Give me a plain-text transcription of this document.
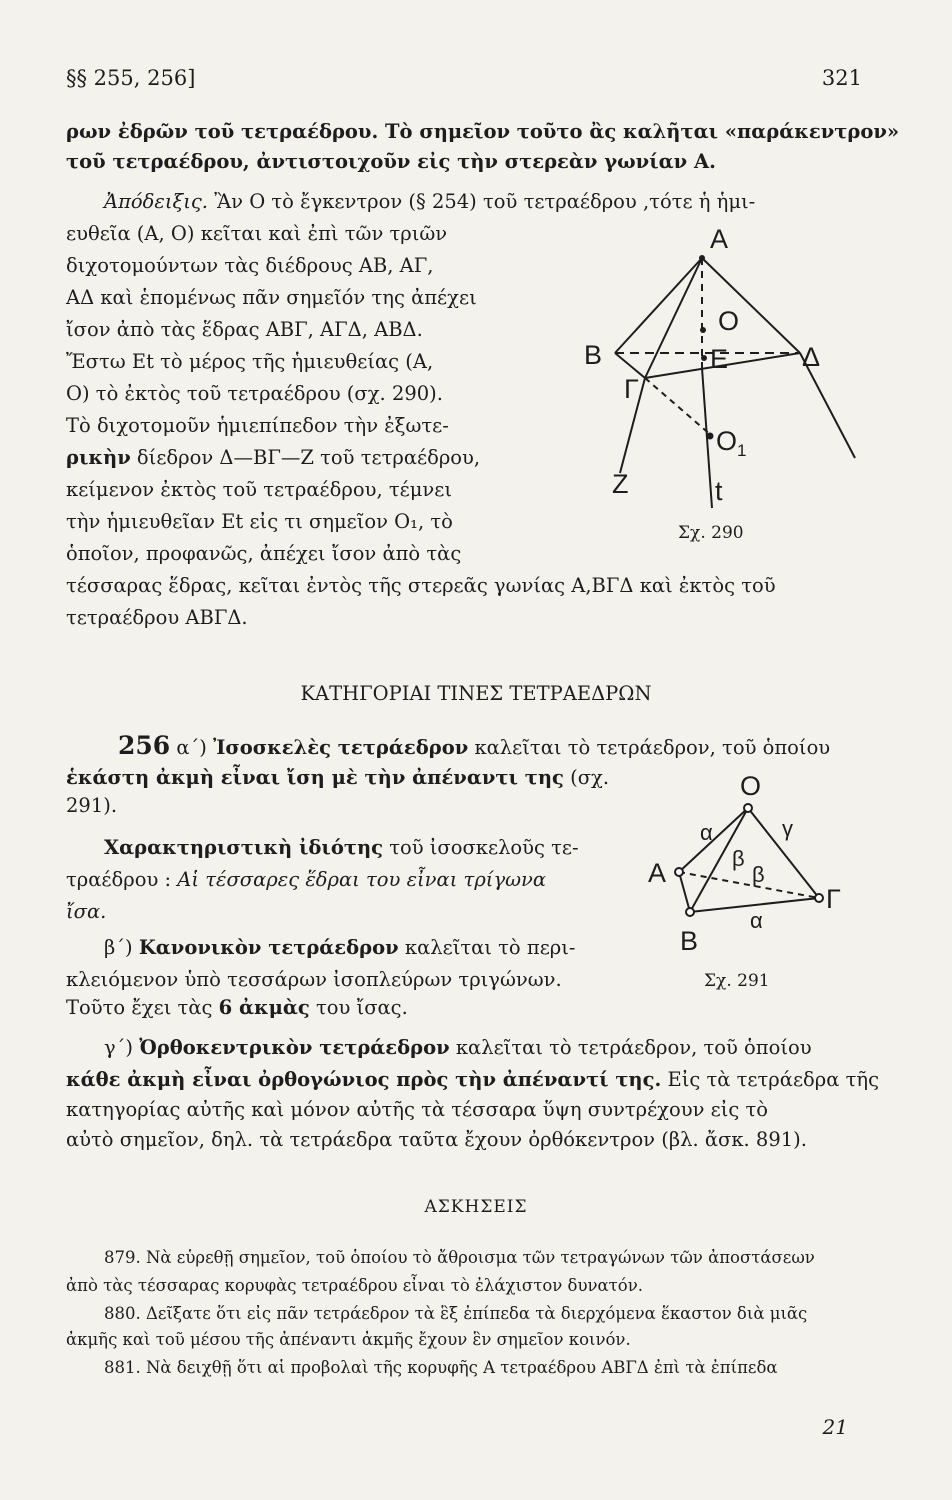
§§ 255, 256]	321
ρων ἐδρῶν τοῦ τετραέδρου. Τὸ σημεῖον τοῦτο ἂς καλῆται «παράκεντρον»
τοῦ τετραέδρου, ἀντιστοιχοῦν εἰς τὴν στερεὰν γωνίαν Α.
Ἀπόδειξις. Ἂν Ο τὸ ἔγκεντρον (§ 254) τοῦ τετραέδρου ,τότε ἡ ἡμι-
ευθεῖα (Α, Ο) κεῖται καὶ ἐπὶ τῶν τριῶν
διχοτομούντων τὰς διέδρους ΑΒ, ΑΓ,
ΑΔ καὶ ἑπομένως πᾶν σημεῖόν της ἀπέχει
ἴσον ἀπὸ τὰς ἕδρας ΑΒΓ, ΑΓΔ, ΑΒΔ.
Ἔστω Εt τὸ μέρος τῆς ἡμιευθείας (Α,
Ο) τὸ ἐκτὸς τοῦ τετραέδρου (σχ. 290).
Τὸ διχοτομοῦν ἡμιεπίπεδον τὴν ἐξωτε-
ρικὴν δίεδρον Δ—ΒΓ—Ζ τοῦ τετραέδρου,
κείμενον ἐκτὸς τοῦ τετραέδρου, τέμνει
τὴν ἡμιευθεῖαν Εt εἰς τι σημεῖον Ο₁, τὸ
ὁποῖον, προφανῶς, ἀπέχει ἴσον ἀπὸ τὰς
τέσσαρας ἕδρας, κεῖται ἐντὸς τῆς στερεᾶς γωνίας Α,ΒΓΔ καὶ ἐκτὸς τοῦ
τετραέδρου ΑΒΓΔ.
A
O
B	E	Δ
Γ
O 1
Z	t
Σχ. 290
ΚΑΤΗΓΟΡΙΑΙ ΤΙΝΕΣ ΤΕΤΡΑΕΔΡΩΝ
256 α΄) Ἰσοσκελὲς τετράεδρον καλεῖται τὸ τετράεδρον, τοῦ ὁποίου
ἑκάστη ἀκμὴ εἶναι ἴση μὲ τὴν ἀπέναντι της (σχ.
291).
Χαρακτηριστικὴ ἰδιότης τοῦ ἰσοσκελοῦς τε-
τραέδρου : Αἱ τέσσαρες ἕδραι του εἶναι τρίγωνα
ἴσα.
β΄) Κανονικὸν τετράεδρον καλεῖται τὸ περι-
κλειόμενον ὑπὸ τεσσάρων ἰσοπλεύρων τριγώνων.
Τοῦτο ἔχει τὰς 6 ἀκμὰς του ἴσας.
O
α	γ
A	β
β
Γ
B
α
Σχ. 291
γ΄) Ὀρθοκεντρικὸν τετράεδρον καλεῖται τὸ τετράεδρον, τοῦ ὁποίου
κάθε ἀκμὴ εἶναι ὀρθογώνιος πρὸς τὴν ἀπέναντί της. Εἰς τὰ τετράεδρα τῆς
κατηγορίας αὐτῆς καὶ μόνον αὐτῆς τὰ τέσσαρα ὕψη συντρέχουν εἰς τὸ
αὐτὸ σημεῖον, δηλ. τὰ τετράεδρα ταῦτα ἔχουν ὀρθόκεντρον (βλ. ἄσκ. 891).
ΑΣΚΗΣΕΙΣ
879. Νὰ εὑρεθῇ σημεῖον, τοῦ ὁποίου τὸ ἄθροισμα τῶν τετραγώνων τῶν ἀποστάσεων
ἀπὸ τὰς τέσσαρας κορυφὰς τετραέδρου εἶναι τὸ ἐλάχιστον δυνατόν.
880. Δεῖξατε ὅτι εἰς πᾶν τετράεδρον τὰ ἓξ ἐπίπεδα τὰ διερχόμενα ἕκαστον διὰ μιᾶς
ἀκμῆς καὶ τοῦ μέσου τῆς ἀπέναντι ἀκμῆς ἔχουν ἓν σημεῖον κοινόν.
881. Νὰ δειχθῇ ὅτι αἱ προβολαὶ τῆς κορυφῆς Α τετραέδρου ΑΒΓΔ ἐπὶ τὰ ἐπίπεδα
21
